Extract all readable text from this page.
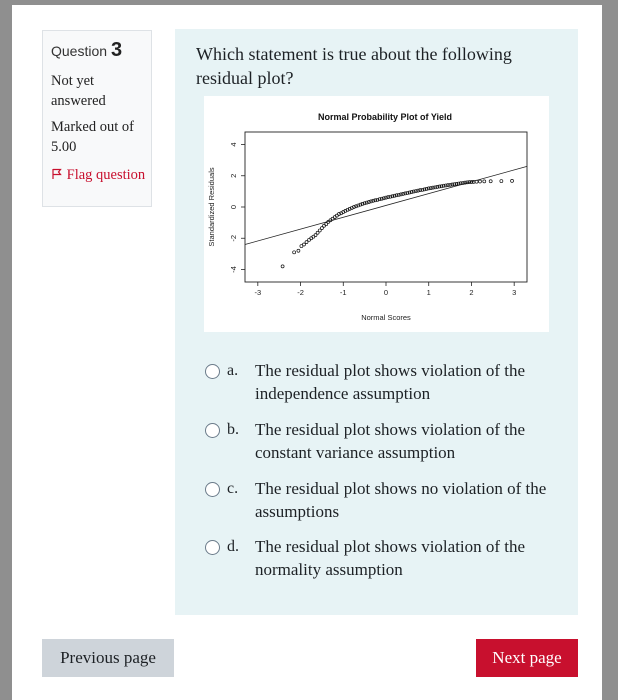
Question 3
Not yet answered
Marked out of 5.00
Flag question
Which statement is true about the following residual plot?
Normal Probability Plot of Yield
Normal Scores
Standardized Residuals
-3	-2	-1	0	1	2	3
4
2
0
-2
-4
a. The residual plot shows violation of the independence assumption
b. The residual plot shows violation of the constant variance assumption
c. The residual plot shows no violation of the assumptions
d. The residual plot shows violation of the normality assumption
Previous page	Next page
